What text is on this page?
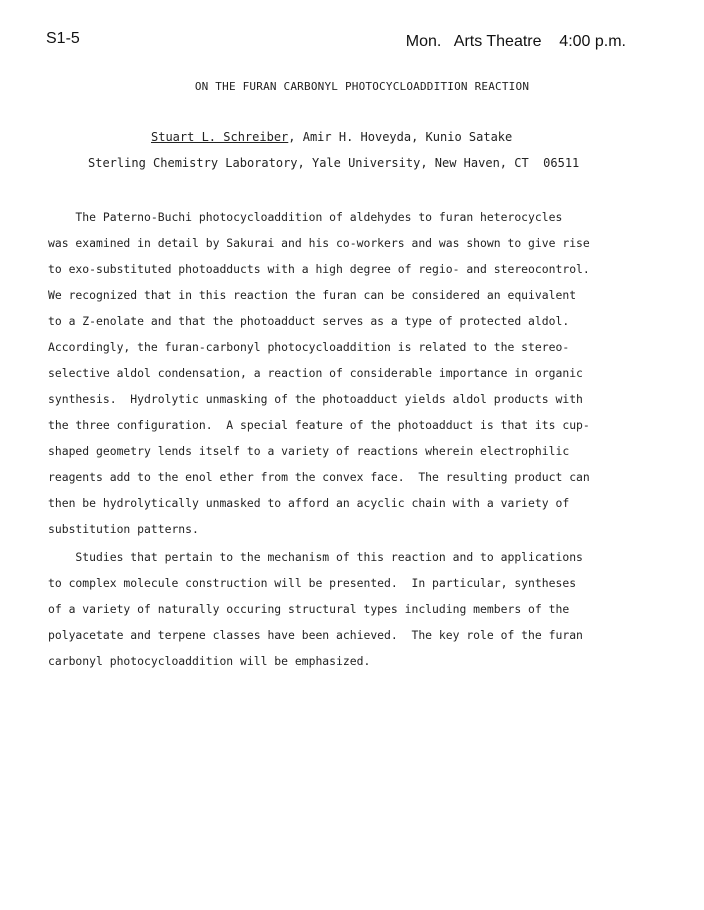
S1-5	Mon.   Arts Theatre    4:00 p.m.
ON THE FURAN CARBONYL PHOTOCYCLOADDITION REACTION
Stuart L. Schreiber, Amir H. Hoveyda, Kunio Satake
Sterling Chemistry Laboratory, Yale University, New Haven, CT  06511
The Paterno-Buchi photocycloaddition of aldehydes to furan heterocycles
was examined in detail by Sakurai and his co-workers and was shown to give rise
to exo-substituted photoadducts with a high degree of regio- and stereocontrol.
We recognized that in this reaction the furan can be considered an equivalent
to a Z-enolate and that the photoadduct serves as a type of protected aldol.
Accordingly, the furan-carbonyl photocycloaddition is related to the stereo-
selective aldol condensation, a reaction of considerable importance in organic
synthesis.  Hydrolytic unmasking of the photoadduct yields aldol products with
the three configuration.  A special feature of the photoadduct is that its cup-
shaped geometry lends itself to a variety of reactions wherein electrophilic
reagents add to the enol ether from the convex face.  The resulting product can
then be hydrolytically unmasked to afford an acyclic chain with a variety of
substitution patterns.
Studies that pertain to the mechanism of this reaction and to applications
to complex molecule construction will be presented.  In particular, syntheses
of a variety of naturally occuring structural types including members of the
polyacetate and terpene classes have been achieved.  The key role of the furan
carbonyl photocycloaddition will be emphasized.
